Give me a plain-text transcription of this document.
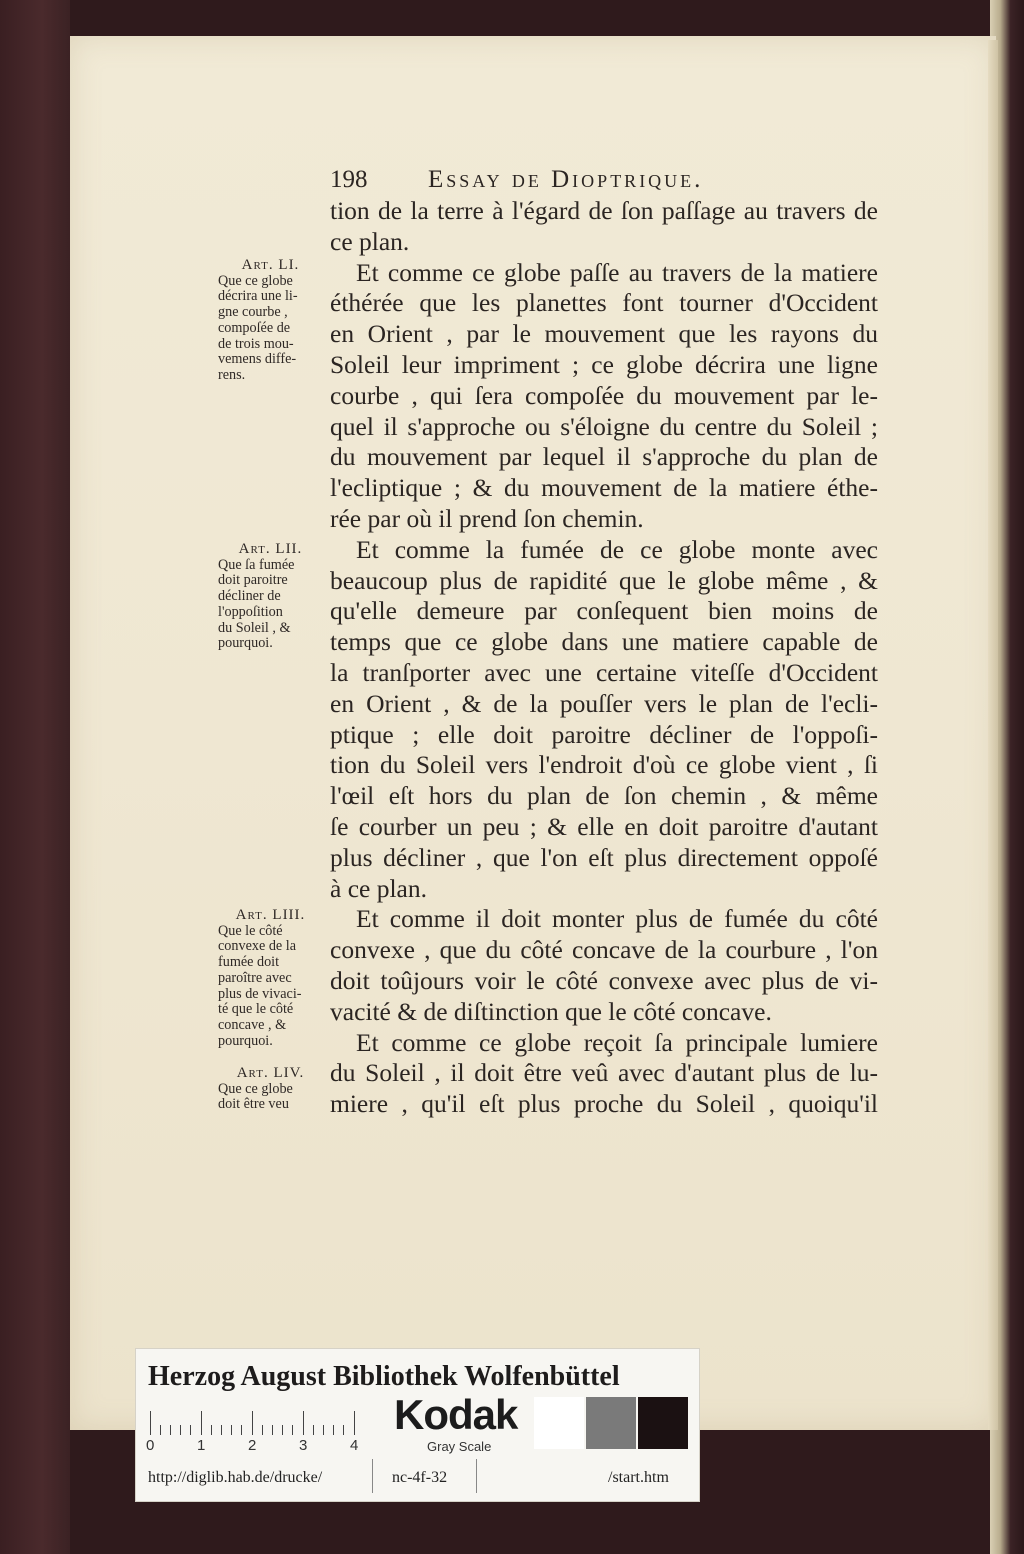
198 Essay de Dioptrique.
tion de la terre à l'égard de ſon paſſage au travers de
ce plan.
Et comme ce globe paſſe au travers de la matiere
éthérée que les planettes font tourner d'Occident
en Orient , par le mouvement que les rayons du
Soleil leur impriment ; ce globe décrira une ligne
courbe , qui ſera compoſée du mouvement par le-
quel il s'approche ou s'éloigne du centre du Soleil ;
du mouvement par lequel il s'approche du plan de
l'ecliptique ; & du mouvement de la matiere éthe-
rée par où il prend ſon chemin.
Et comme la fumée de ce globe monte avec
beaucoup plus de rapidité que le globe même , &
qu'elle demeure par conſequent bien moins de
temps que ce globe dans une matiere capable de
la tranſporter avec une certaine viteſſe d'Occident
en Orient , & de la pouſſer vers le plan de l'ecli-
ptique ; elle doit paroitre décliner de l'oppoſi-
tion du Soleil vers l'endroit d'où ce globe vient , ſi
l'œil eſt hors du plan de ſon chemin , & même
ſe courber un peu ; & elle en doit paroitre d'autant
plus décliner , que l'on eſt plus directement oppoſé
à ce plan.
Et comme il doit monter plus de fumée du côté
convexe , que du côté concave de la courbure , l'on
doit toûjours voir le côté convexe avec plus de vi-
vacité & de diſtinction que le côté concave.
Et comme ce globe reçoit ſa principale lumiere
du Soleil , il doit être veû avec d'autant plus de lu-
miere , qu'il eſt plus proche du Soleil , quoiqu'il
Art. LI.
Que ce globe
décrira une li-
gne courbe ,
compoſée de
de trois mou-
vemens diffe-
rens.
Art. LII.
Que ſa fumée
doit paroitre
décliner de
l'oppoſition
du Soleil , &
pourquoi.
Art. LIII.
Que le côté
convexe de la
fumée doit
paroître avec
plus de vivaci-
té que le côté
concave , &
pourquoi.
Art. LIV.
Que ce globe
doit être veu
Herzog August Bibliothek Wolfenbüttel
0	1	2	3	4
Kodak
Gray Scale
http://diglib.hab.de/drucke/	nc-4f-32	/start.htm
